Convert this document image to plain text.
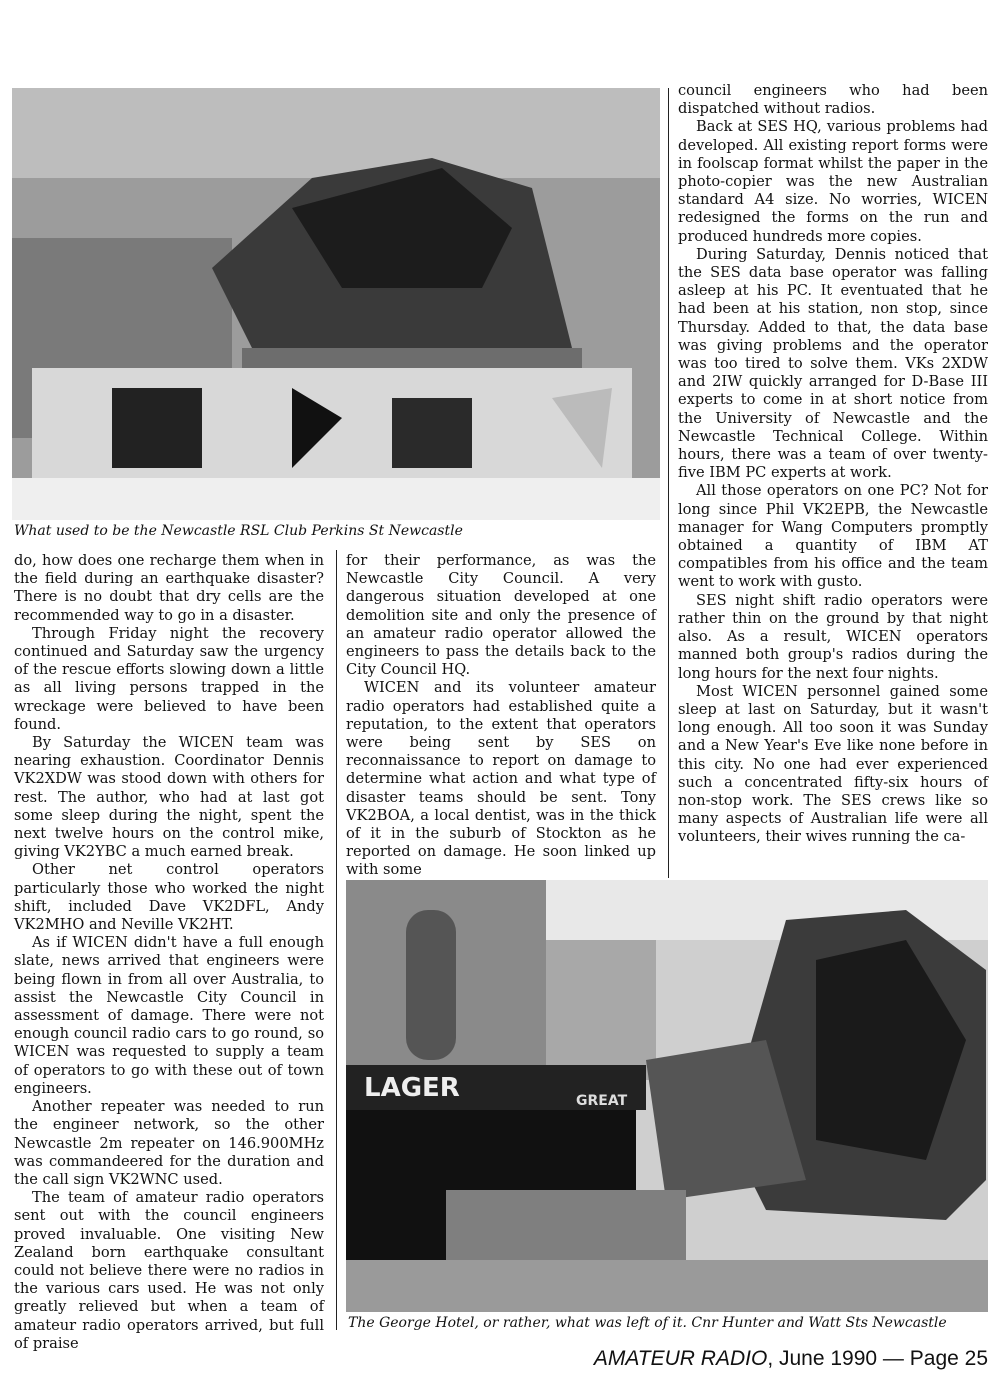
What used to be the Newcastle RSL Club Perkins St Newcastle

do, how does one recharge them when in the field during an earthquake disaster? There is no doubt that dry cells are the recommended way to go in a disaster.

Through Friday night the recovery continued and Saturday saw the urgency of the rescue efforts slowing down a little as all living persons trapped in the wreckage were believed to have been found.

By Saturday the WICEN team was nearing exhaustion. Coordinator Dennis VK2XDW was stood down with others for rest. The author, who had at last got some sleep during the night, spent the next twelve hours on the control mike, giving VK2YBC a much earned break.

Other net control operators particularly those who worked the night shift, included Dave VK2DFL, Andy VK2MHO and Neville VK2HT.

As if WICEN didn't have a full enough slate, news arrived that engineers were being flown in from all over Australia, to assist the Newcastle City Council in assessment of damage. There were not enough council radio cars to go round, so WICEN was requested to supply a team of operators to go with these out of town engineers.

Another repeater was needed to run the engineer network, so the other Newcastle 2m repeater on 146.900MHz was commandeered for the duration and the call sign VK2WNC used.

The team of amateur radio operators sent out with the council engineers proved invaluable. One visiting New Zealand born earthquake consultant could not believe there were no radios in the various cars used. He was not only greatly relieved but when a team of amateur radio operators arrived, but full of praise

for their performance, as was the Newcastle City Council. A very dangerous situation developed at one demolition site and only the presence of an amateur radio operator allowed the engineers to pass the details back to the City Council HQ.

WICEN and its volunteer amateur radio operators had established quite a reputation, to the extent that operators were being sent by SES on reconnaissance to report on damage to determine what action and what type of disaster teams should be sent. Tony VK2BOA, a local dentist, was in the thick of it in the suburb of Stockton as he reported on damage. He soon linked up with some

council engineers who had been dispatched without radios.

Back at SES HQ, various problems had developed. All existing report forms were in foolscap format whilst the paper in the photo-copier was the new Australian standard A4 size. No worries, WICEN redesigned the forms on the run and produced hundreds more copies.

During Saturday, Dennis noticed that the SES data base operator was falling asleep at his PC. It eventuated that he had been at his station, non stop, since Thursday. Added to that, the data base was giving problems and the operator was too tired to solve them. VKs 2XDW and 2IW quickly arranged for D-Base III experts to come in at short notice from the University of Newcastle and the Newcastle Technical College. Within hours, there was a team of over twenty-five IBM PC experts at work.

All those operators on one PC? Not for long since Phil VK2EPB, the Newcastle manager for Wang Computers promptly obtained a quantity of IBM AT compatibles from his office and the team went to work with gusto.

SES night shift radio operators were rather thin on the ground by that night also. As a result, WICEN operators manned both group's radios during the long hours for the next four nights.

Most WICEN personnel gained some sleep at last on Saturday, but it wasn't long enough. All too soon it was Sunday and a New Year's Eve like none before in this city. No one had ever experienced such a concentrated fifty-six hours of non-stop work. The SES crews like so many aspects of Australian life were all volunteers, their wives running the ca-

LAGER	GREAT
The George Hotel, or rather, what was left of it. Cnr Hunter and Watt Sts Newcastle
AMATEUR RADIO, June 1990 — Page 25
